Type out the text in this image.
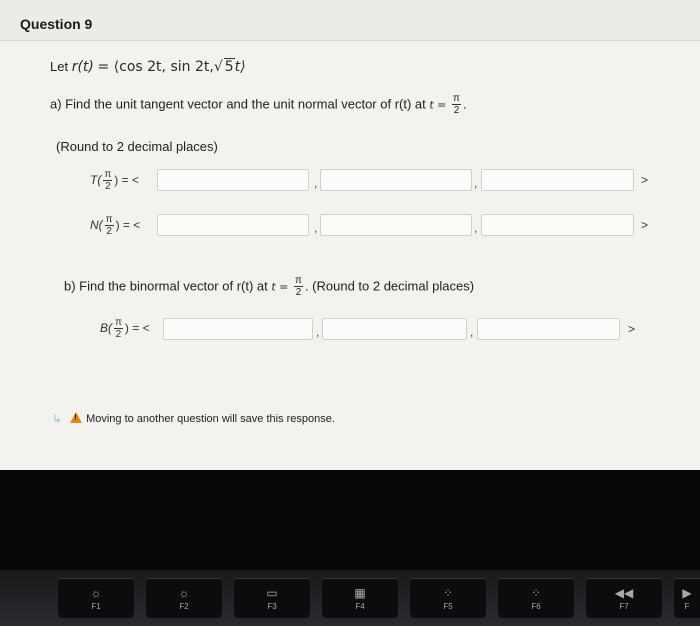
Question 9
Let r(t) = ⟨cos 2t, sin 2t,√ 5t⟩
a) Find the unit tangent vector and the unit normal vector of r(t) at $t = \frac{\pi}{2}$ .
(Round to 2 decimal places)
$T( \frac{\pi}{2}$ ) = <	,	,	>
$N( \frac{\pi}{2}$ ) = <	,	,	>
b) Find the binormal vector of r(t) at $t = \frac{\pi}{2}$ . (Round to 2 decimal places)
$B( \frac{\pi}{2}$ ) = <	,	,	>
↳! Moving to another question will save this response.
☼
F1
☼
F2
▭
F3
▦
F4
⁘
F5
⁘
F6
◀◀
F7
▶
F
